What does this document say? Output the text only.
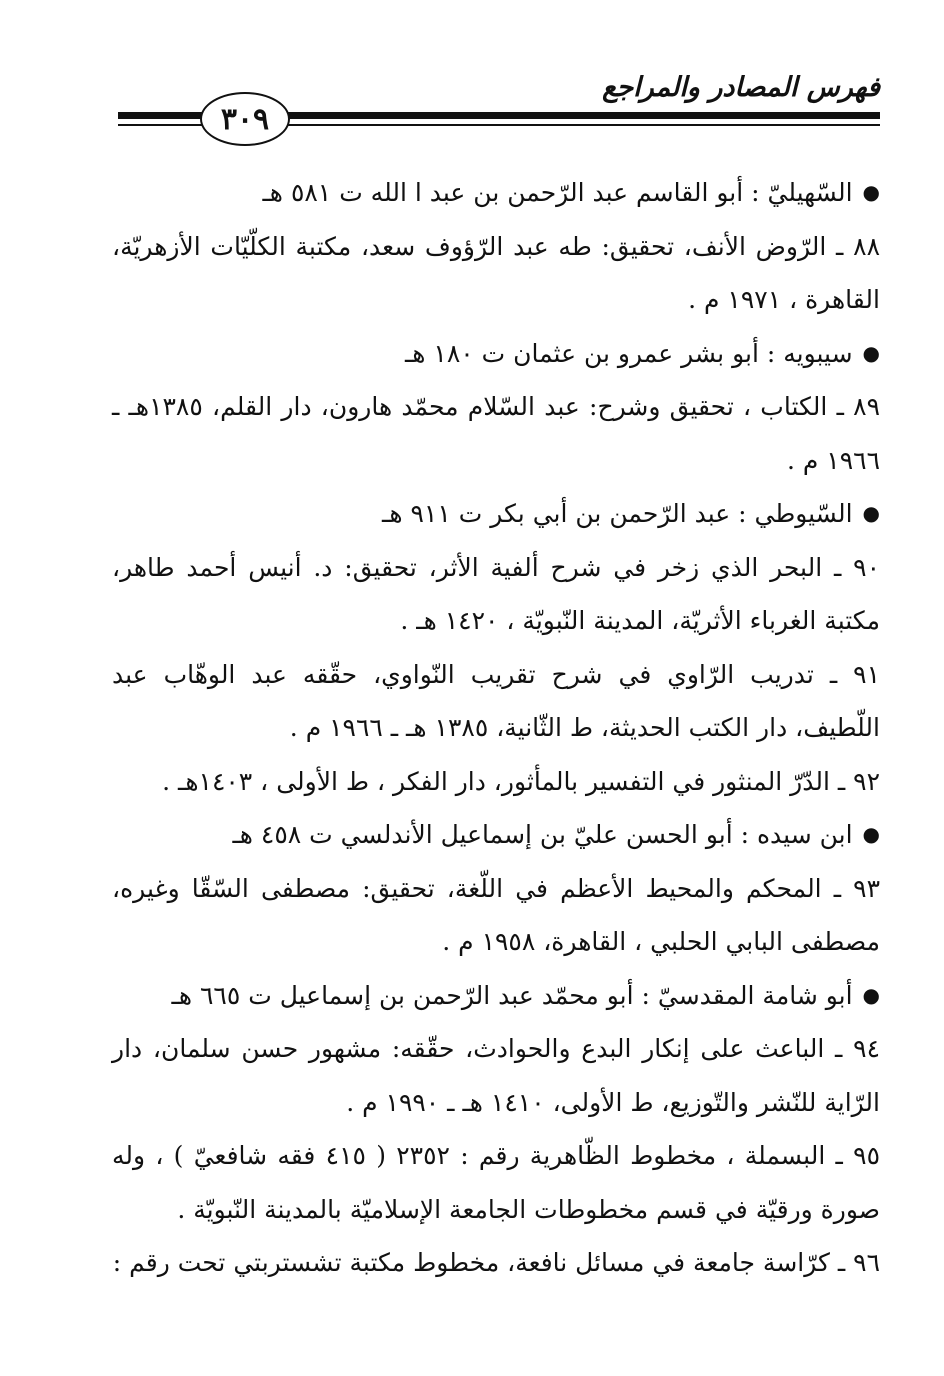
فهرس المصادر والمراجع
٣٠٩

●السّهيليّ : أبو القاسم عبد الرّحمن بن عبد ا الله ت ٥٨١ هـ

٨٨ ـ الرّوض الأنف، تحقيق: طه عبد الرّؤوف سعد، مكتبة الكلّيّات الأزهريّة، القاهرة ، ١٩٧١ م .

●سيبويه : أبو بشر عمرو بن عثمان ت ١٨٠ هـ

٨٩ ـ الكتاب ، تحقيق وشرح: عبد السّلام محمّد هارون، دار القلم، ١٣٨٥هـ ـ ١٩٦٦ م .

●السّيوطي : عبد الرّحمن بن أبي بكر ت ٩١١ هـ

٩٠ ـ البحر الذي زخر في شرح ألفية الأثر، تحقيق: د. أنيس أحمد طاهر، مكتبة الغرباء الأثريّة، المدينة النّبويّة ، ١٤٢٠ هـ .

٩١ ـ تدريب الرّاوي في شرح تقريب النّواوي، حقّقه عبد الوهّاب عبد اللّطيف، دار الكتب الحديثة، ط الثّانية، ١٣٨٥ هـ ـ ١٩٦٦ م .

٩٢ ـ الدّرّ المنثور في التفسير بالمأثور، دار الفكر ، ط الأولى ، ١٤٠٣هـ .

●ابن سيده : أبو الحسن عليّ بن إسماعيل الأندلسي ت ٤٥٨ هـ

٩٣ ـ المحكم والمحيط الأعظم في اللّغة، تحقيق: مصطفى السّقّا وغيره، مصطفى البابي الحلبي ، القاهرة، ١٩٥٨ م .

●أبو شامة المقدسيّ : أبو محمّد عبد الرّحمن بن إسماعيل ت ٦٦٥ هـ

٩٤ ـ الباعث على إنكار البدع والحوادث، حقّقه: مشهور حسن سلمان، دار الرّاية للنّشر والتّوزيع، ط الأولى، ١٤١٠ هـ ـ ١٩٩٠ م .

٩٥ ـ البسملة ، مخطوط الظّاهرية رقم : ٢٣٥٢ ( ٤١٥ فقه شافعيّ ) ، وله صورة ورقيّة في قسم مخطوطات الجامعة الإسلاميّة بالمدينة النّبويّة .

٩٦ ـ كرّاسة جامعة في مسائل نافعة، مخطوط مكتبة تشستربتي تحت رقم :
